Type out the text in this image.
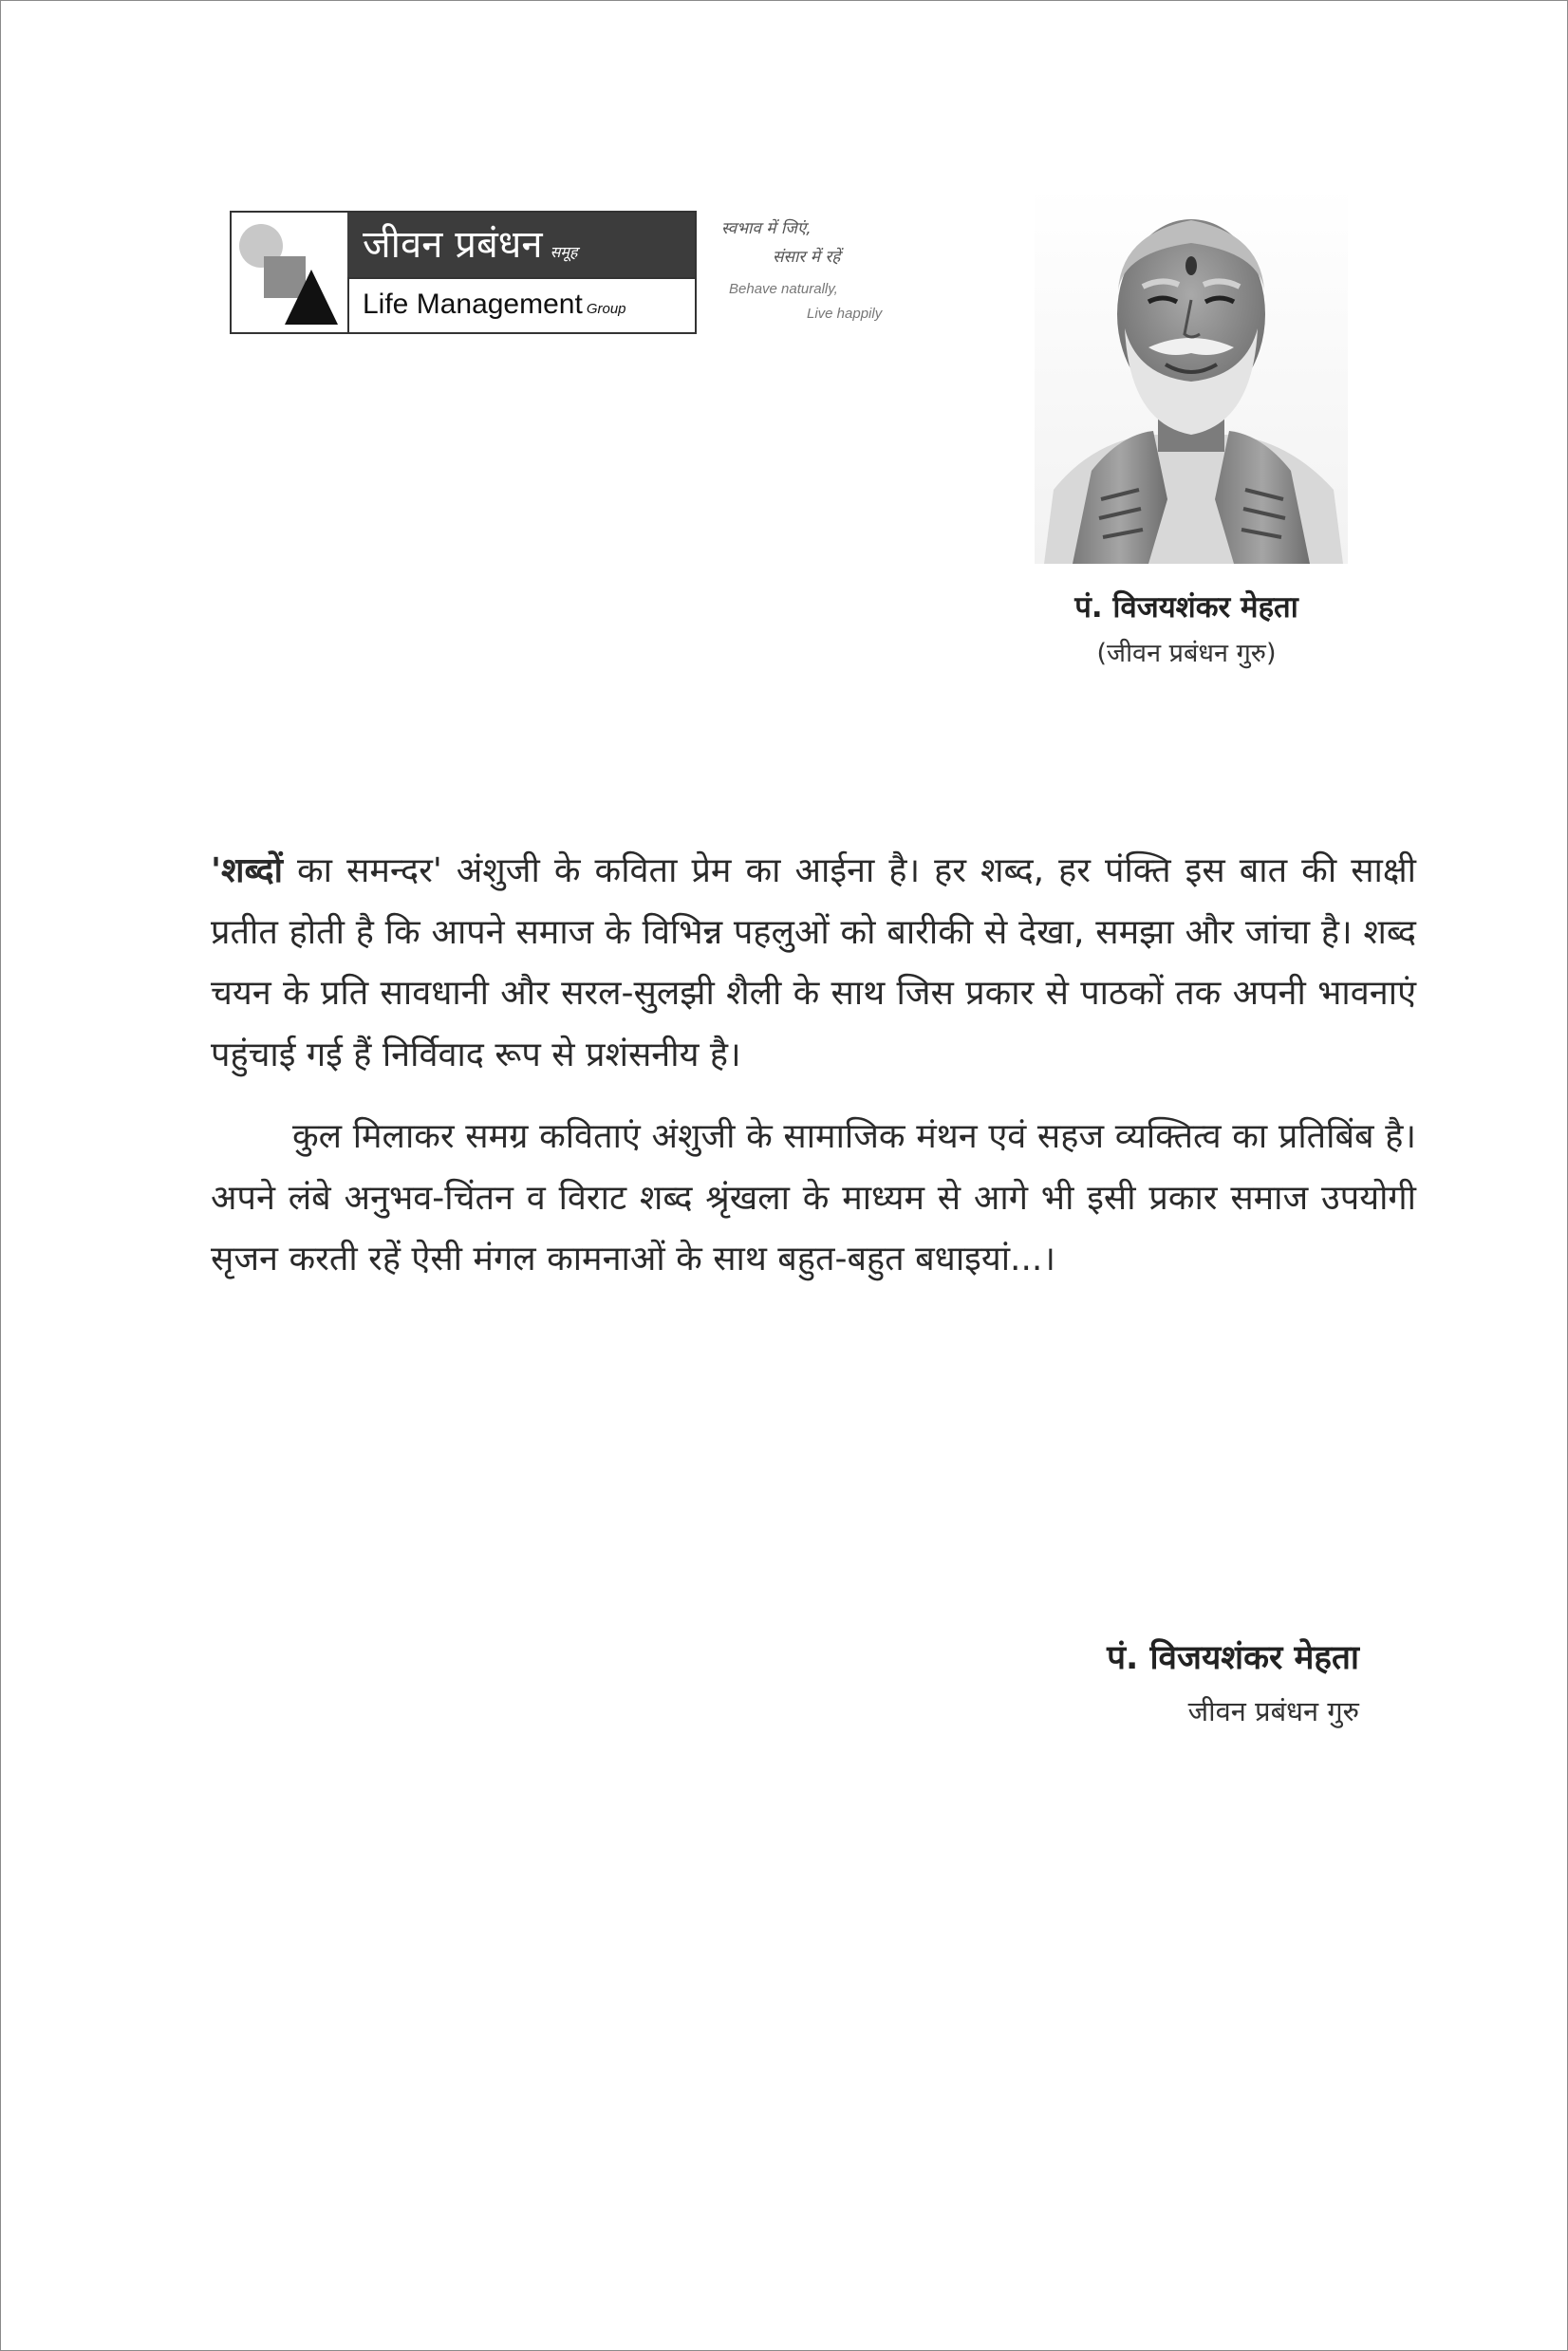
जीवन प्रबंधन समूह
Life Management Group
स्वभाव में जिएं,
संसार में रहें
Behave naturally,
Live happily
पं. विजयशंकर मेहता
(जीवन प्रबंधन गुरु)

'शब्दों का समन्दर' अंशुजी के कविता प्रेम का आईना है। हर शब्द, हर पंक्ति इस बात की साक्षी प्रतीत होती है कि आपने समाज के विभिन्न पहलुओं को बारीकी से देखा, समझा और जांचा है। शब्द चयन के प्रति सावधानी और सरल-सुलझी शैली के साथ जिस प्रकार से पाठकों तक अपनी भावनाएं पहुंचाई गई हैं निर्विवाद रूप से प्रशंसनीय है।

कुल मिलाकर समग्र कविताएं अंशुजी के सामाजिक मंथन एवं सहज व्यक्तित्व का प्रतिबिंब है। अपने लंबे अनुभव-चिंतन व विराट शब्द श्रृंखला के माध्यम से आगे भी इसी प्रकार समाज उपयोगी सृजन करती रहें ऐसी मंगल कामनाओं के साथ बहुत-बहुत बधाइयां...।

पं. विजयशंकर मेहता
जीवन प्रबंधन गुरु
